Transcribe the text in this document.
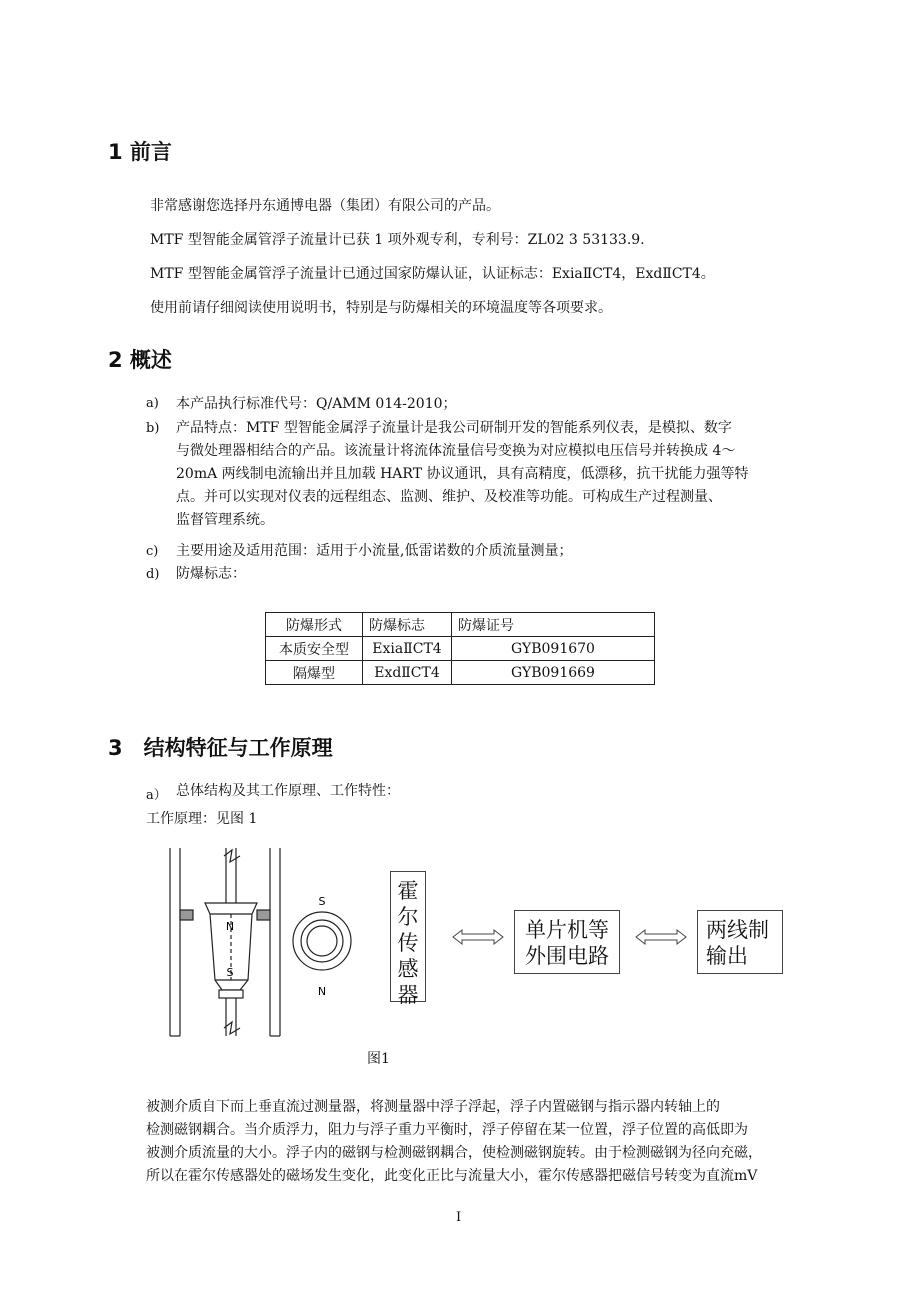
1 前言
非常感谢您选择丹东通博电器（集团）有限公司的产品。
MTF 型智能金属管浮子流量计已获 1 项外观专利，专利号：ZL02 3 53133.9.
MTF 型智能金属管浮子流量计已通过国家防爆认证，认证标志：ExiaⅡCT4，ExdⅡCT4。
使用前请仔细阅读使用说明书，特别是与防爆相关的环境温度等各项要求。
2 概述
a) 本产品执行标准代号：Q/AMM 014-2010；
b) 产品特点：MTF 型智能金属浮子流量计是我公司研制开发的智能系列仪表，是模拟、数字
与微处理器相结合的产品。该流量计将流体流量信号变换为对应模拟电压信号并转换成 4～
20mA 两线制电流输出并且加载 HART 协议通讯，具有高精度，低漂移，抗干扰能力强等特
点。并可以实现对仪表的远程组态、监测、维护、及校准等功能。可构成生产过程测量、
监督管理系统。
c) 主要用途及适用范围：适用于小流量,低雷诺数的介质流量测量；
d) 防爆标志：
防爆形式	防爆标志	防爆证号
本质安全型	ExiaⅡCT4	GYB091670
隔爆型	ExdⅡCT4	GYB091669
3　结构特征与工作原理
a） 总体结构及其工作原理、工作特性：
工作原理：见图 1
N
S
S
N
霍
尔
传
感
器
单片机等
外围电路
两线制
输出
图1
被测介质自下而上垂直流过测量器，将测量器中浮子浮起，浮子内置磁钢与指示器内转轴上的
检测磁钢耦合。当介质浮力，阻力与浮子重力平衡时，浮子停留在某一位置，浮子位置的高低即为
被测介质流量的大小。浮子内的磁钢与检测磁钢耦合，使检测磁钢旋转。由于检测磁钢为径向充磁，
所以在霍尔传感器处的磁场发生变化，此变化正比与流量大小，霍尔传感器把磁信号转变为直流mV
I
